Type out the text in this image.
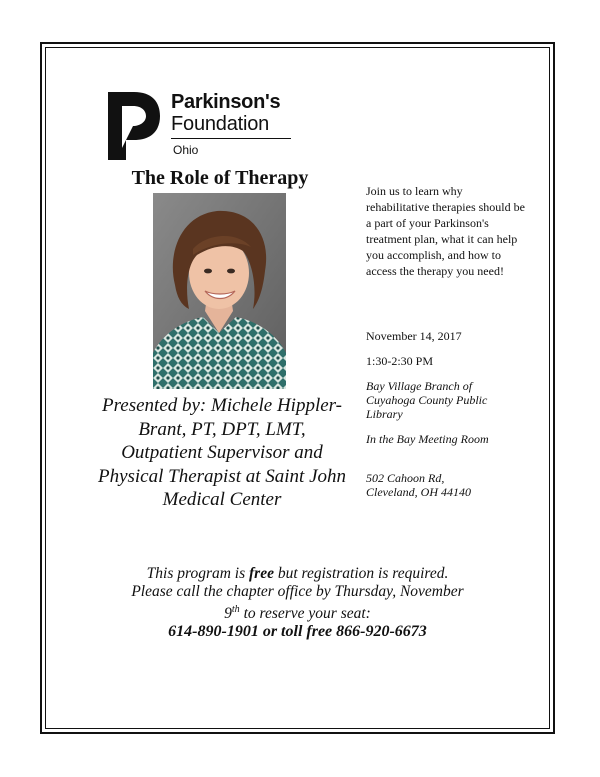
Parkinson's
Foundation
Ohio
The Role of Therapy
Presented by: Michele Hippler-Brant, PT, DPT, LMT, Outpatient Supervisor and Physical Therapist at Saint John Medical Center

Join us to learn why rehabilitative therapies should be a part of your Parkinson's treatment plan, what it can help you accomplish, and how to access the therapy you need!

November 14, 2017
1:30-2:30 PM
Bay Village Branch of Cuyahoga County Public Library
In the Bay Meeting Room
502 Cahoon Rd,
Cleveland, OH 44140
This program is free but registration is required.
Please call the chapter office by Thursday, November
9th to reserve your seat:
614-890-1901 or toll free 866-920-6673
